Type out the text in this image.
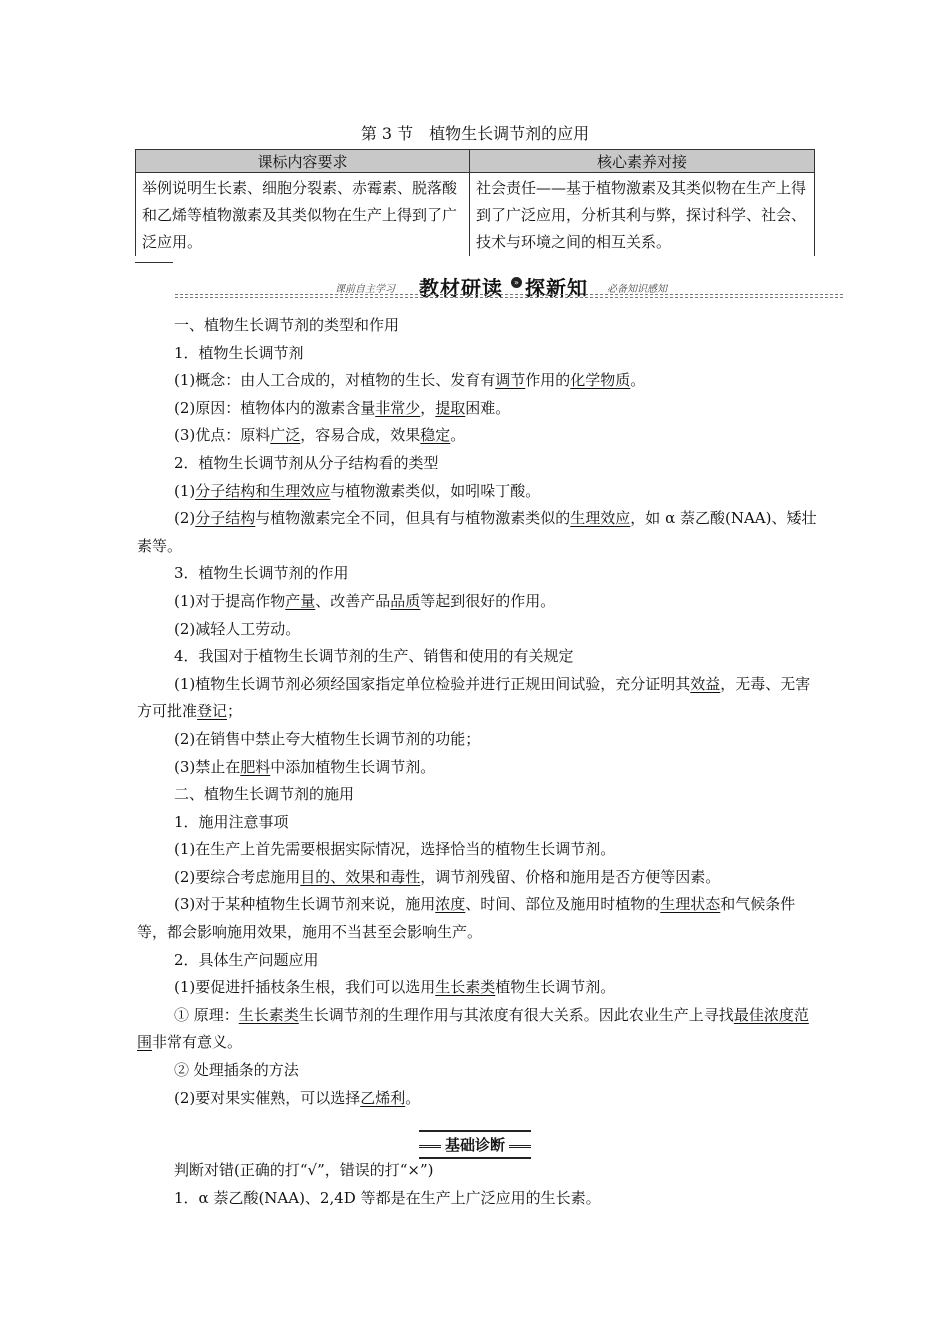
第 3 节　植物生长调节剂的应用
课标内容要求	核心素养对接
举例说明生长素、细胞分裂素、赤霉素、脱落酸和乙烯等植物激素及其类似物在生产上得到了广泛应用。	社会责任——基于植物激素及其类似物在生产上得到了广泛应用，分析其利与弊，探讨科学、社会、技术与环境之间的相互关系。
课前自主学习 教材研读	» 探新知 必备知识感知

一、植物生长调节剂的类型和作用

1．植物生长调节剂

(1)概念：由人工合成的，对植物的生长、发育有调节作用的化学物质。

(2)原因：植物体内的激素含量非常少，提取困难。

(3)优点：原料广泛，容易合成，效果稳定。

2．植物生长调节剂从分子结构看的类型

(1)分子结构和生理效应与植物激素类似，如吲哚丁酸。

(2)分子结构与植物激素完全不同，但具有与植物激素类似的生理效应，如 α 萘乙酸(NAA)、矮壮素等。

3．植物生长调节剂的作用

(1)对于提高作物产量、改善产品品质等起到很好的作用。

(2)减轻人工劳动。

4．我国对于植物生长调节剂的生产、销售和使用的有关规定

(1)植物生长调节剂必须经国家指定单位检验并进行正规田间试验，充分证明其效益，无毒、无害方可批准登记；

(2)在销售中禁止夸大植物生长调节剂的功能；

(3)禁止在肥料中添加植物生长调节剂。

二、植物生长调节剂的施用

1．施用注意事项

(1)在生产上首先需要根据实际情况，选择恰当的植物生长调节剂。

(2)要综合考虑施用目的、效果和毒性，调节剂残留、价格和施用是否方便等因素。

(3)对于某种植物生长调节剂来说，施用浓度、时间、部位及施用时植物的生理状态和气候条件等，都会影响施用效果，施用不当甚至会影响生产。

2．具体生产问题应用

(1)要促进扦插枝条生根，我们可以选用生长素类植物生长调节剂。

① 原理：生长素类生长调节剂的生理作用与其浓度有很大关系。因此农业生产上寻找最佳浓度范围非常有意义。

② 处理插条的方法

(2)要对果实催熟，可以选择乙烯利。

基础诊断

判断对错(正确的打“√”，错误的打“×”)

1．α 萘乙酸(NAA)、2,4D 等都是在生产上广泛应用的生长素。
